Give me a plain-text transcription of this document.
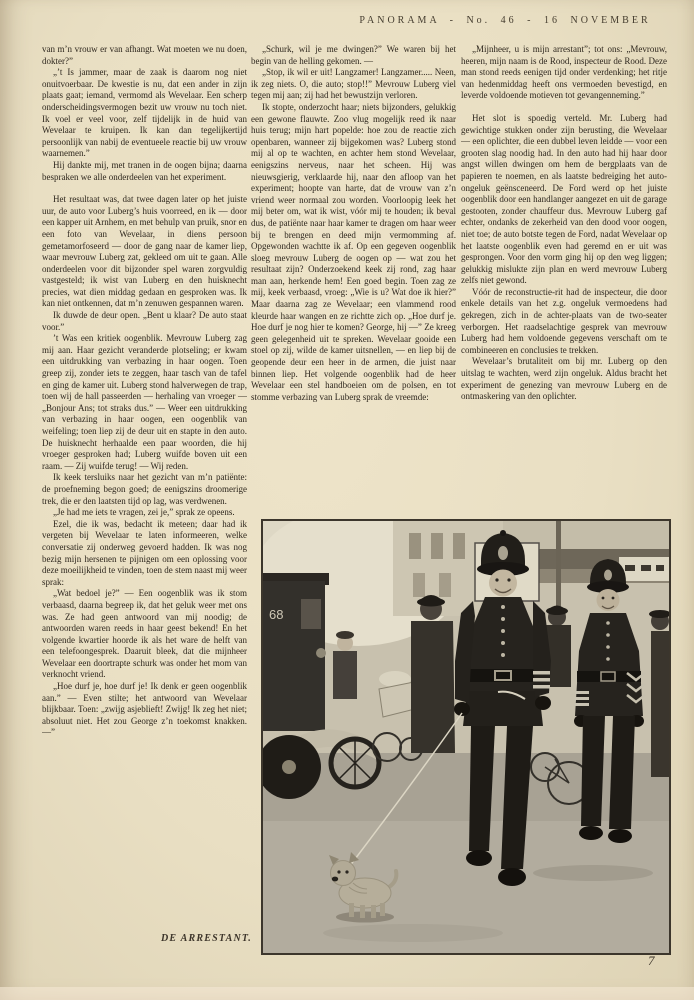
PANORAMA - No. 46 - 16 NOVEMBER

van m’n vrouw er van afhangt. Wat moeten we nu doen, dokter?”

„’t Is jammer, maar de zaak is daarom nog niet onuitvoerbaar. De kwestie is nu, dat een ander in zijn plaats gaat; iemand, vermomd als Wevelaar. Een scherp onderscheidingsvermogen bezit uw vrouw nu toch niet. Ik voel er veel voor, zelf tijdelijk in de huid van Wevelaar te kruipen. Ik kan dan tegelijkertijd persoonlijk van nabij de eventueele reactie bij uw vrouw waarnemen.”

Hij dankte mij, met tranen in de oogen bijna; daarna bespraken we alle onderdeelen van het experiment.

Het resultaat was, dat twee dagen later op het juiste uur, de auto voor Luberg’s huis voorreed, en ik — door een kapper uit Arnhem, en met behulp van pruik, snor en een foto van Wevelaar, in diens persoon gemetamorfoseerd — door de gang naar de kamer liep, waar mevrouw Luberg zat, gekleed om uit te gaan. Alle onderdeelen voor dit bijzonder spel waren zorgvuldig vastgesteld; ik wist van Luberg en den huisknecht precies, wat dien middag gedaan en gesproken was. Ik kan niet ontkennen, dat m’n zenuwen gespannen waren.

Ik duwde de deur open. „Bent u klaar? De auto staat voor.”

’t Was een kritiek oogenblik. Mevrouw Luberg zag mij aan. Haar gezicht veranderde plotseling; er kwam een uitdrukking van verbazing in haar oogen. Toen greep zij, zonder iets te zeggen, haar tasch van de tafel en ging de kamer uit. Luberg stond halverwegen de trap, toen wij de hall passeerden — herhaling van vroeger — „Bonjour Ans; tot straks dus.” — Weer een uitdrukking van verbazing in haar oogen, een oogenblik van weifeling; toen liep zij de deur uit en stapte in den auto. De huisknecht herhaalde een paar woorden, die hij vroeger gesproken had; Luberg wuifde boven uit een raam. — Zij wuifde terug! — Wij reden.

Ik keek tersluiks naar het gezicht van m’n patiënte: de proefneming begon goed; de eenigszins droomerige trek, die er den laatsten tijd op lag, was verdwenen.

„Je had me iets te vragen, zei je,” sprak ze opeens.

Ezel, die ik was, bedacht ik meteen; daar had ik vergeten bij Wevelaar te laten informeeren, welke conversatie zij onderweg gevoerd hadden. Ik was nog bezig mijn hersenen te pijnigen om een oplossing voor deze moeilijkheid te vinden, toen de stem naast mij weer sprak:

„Wat bedoel je?” — Een oogenblik was ik stom verbaasd, daarna begreep ik, dat het geluk weer met ons was. Ze had geen antwoord van mij noodig; de antwoorden waren reeds in haar geest bekend! En het volgende kwartier hoorde ik als het ware de helft van een telefoongesprek. Daaruit bleek, dat die mijnheer Wevelaar een doortrapte schurk was onder het mom van verknocht vriend.

„Hoe durf je, hoe durf je! Ik denk er geen oogenblik aan.” — Even stilte; het antwoord van Wevelaar blijkbaar. Toen: „zwijg asjeblieft! Zwijg! Ik zeg het niet; absoluut niet. Het zou George z’n toekomst knakken. —”

„Schurk, wil je me dwingen?” We waren bij het begin van de helling gekomen. —

„Stop, ik wil er uit! Langzamer! Langzamer..... Neen, ik zeg niets. O, die auto; stop!!” Mevrouw Luberg viel tegen mij aan; zij had het bewustzijn verloren.

Ik stopte, onderzocht haar; niets bijzonders, gelukkig een gewone flauwte. Zoo vlug mogelijk reed ik naar huis terug; mijn hart popelde: hoe zou de reactie zich openbaren, wanneer zij bijgekomen was? Luberg stond mij al op te wachten, en achter hem stond Wevelaar, eenigszins nerveus, naar het scheen. Hij was nieuwsgierig, verklaarde hij, naar den afloop van het experiment; hoopte van harte, dat de vrouw van z’n vriend weer normaal zou worden. Voorloopig leek het mij beter om, wat ik wist, vóór mij te houden; ik beval dus, de patiënte naar haar kamer te dragen om haar weer bij te brengen en deed mijn vermomming af. Opgewonden wachtte ik af. Op een gegeven oogenblik sloeg mevrouw Luberg de oogen op — wat zou het resultaat zijn? Onderzoekend keek zij rond, zag haar man aan, herkende hem! Een goed begin. Toen zag ze mij, keek verbaasd, vroeg: „Wie is u? Wat doe ik hier?” Maar daarna zag ze Wevelaar; een vlammend rood kleurde haar wangen en ze richtte zich op. „Hoe durf je. Hoe durf je nog hier te komen? George, hij —” Ze kreeg geen gelegenheid uit te spreken. Wevelaar gooide een stoel op zij, wilde de kamer uitsnellen, — en liep bij de geopende deur een heer in de armen, die juist naar binnen liep. Het volgende oogenblik had de heer Wevelaar een stel handboeien om de polsen, en tot stomme verbazing van Luberg sprak de vreemde:

„Mijnheer, u is mijn arrestant”; tot ons: „Mevrouw, heeren, mijn naam is de Rood, inspecteur de Rood. Deze man stond reeds eenigen tijd onder verdenking; het ritje van hedenmiddag heeft ons vermoeden bevestigd, en leverde voldoende motieven tot gevangenneming.”

Het slot is spoedig verteld. Mr. Luberg had gewichtige stukken onder zijn berusting, die Wevelaar — een oplichter, die een dubbel leven leidde — voor een grooten slag noodig had. In den auto had hij haar door angst willen dwingen om hem de bergplaats van de papieren te noemen, en als laatste bedreiging het auto-ongeluk geënsceneerd. De Ford werd op het juiste oogenblik door een handlanger aangezet en uit de garage gestooten, zonder chauffeur dus. Mevrouw Luberg gaf echter, ondanks de zekerheid van den dood voor oogen, niet toe; de auto botste tegen de Ford, nadat Wevelaar op het laatste oogenblik even had geremd en er uit was gesprongen. Voor den vorm ging hij op den weg liggen; gelukkig mislukte zijn plan en werd mevrouw Luberg zelfs niet gewond.

Vóór de reconstructie-rit had de inspecteur, die door enkele details van het z.g. ongeluk vermoedens had gekregen, zich in de achter-plaats van de two-seater verborgen. Het raadselachtige gesprek van mevrouw Luberg had hem voldoende gegevens verschaft om te combineeren en conclusies te trekken.

Wevelaar’s brutaliteit om bij mr. Luberg op den uitslag te wachten, werd zijn ongeluk. Aldus bracht het experiment de genezing van mevrouw Luberg en de ontmaskering van den oplichter.

68
DE ARRESTANT.
7
